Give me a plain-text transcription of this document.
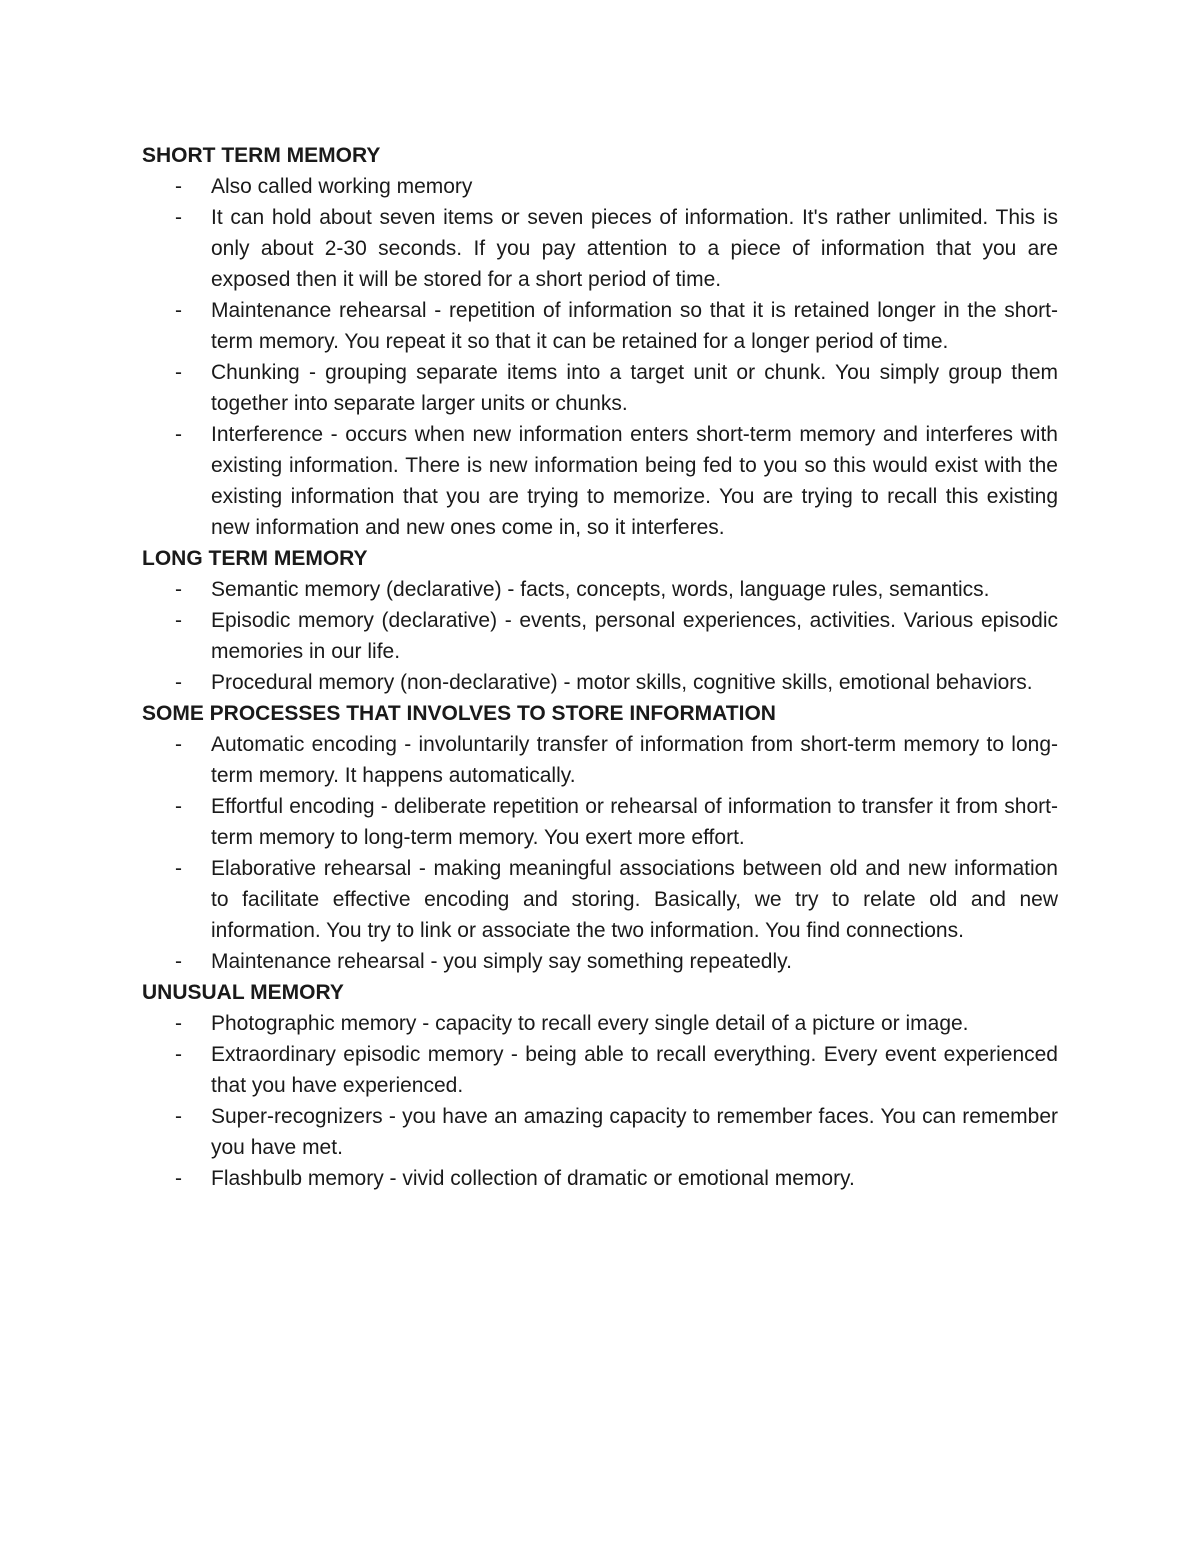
SHORT TERM MEMORY
- Also called working memory
- It can hold about seven items or seven pieces of information. It's rather unlimited. This is only about 2-30 seconds. If you pay attention to a piece of information that you are exposed then it will be stored for a short period of time.
- Maintenance rehearsal - repetition of information so that it is retained longer in the short-term memory. You repeat it so that it can be retained for a longer period of time.
- Chunking - grouping separate items into a target unit or chunk. You simply group them together into separate larger units or chunks.
- Interference - occurs when new information enters short-term memory and interferes with existing information. There is new information being fed to you so this would exist with the existing information that you are trying to memorize. You are trying to recall this existing new information and new ones come in, so it interferes.
LONG TERM MEMORY
- Semantic memory (declarative) - facts, concepts, words, language rules, semantics.
- Episodic memory (declarative) - events, personal experiences, activities. Various episodic memories in our life.
- Procedural memory (non-declarative) - motor skills, cognitive skills, emotional behaviors.
SOME PROCESSES THAT INVOLVES TO STORE INFORMATION
- Automatic encoding - involuntarily transfer of information from short-term memory to long-term memory. It happens automatically.
- Effortful encoding - deliberate repetition or rehearsal of information to transfer it from short-term memory to long-term memory. You exert more effort.
- Elaborative rehearsal - making meaningful associations between old and new information to facilitate effective encoding and storing. Basically, we try to relate old and new information. You try to link or associate the two information. You find connections.
- Maintenance rehearsal - you simply say something repeatedly.
UNUSUAL MEMORY
- Photographic memory - capacity to recall every single detail of a picture or image.
- Extraordinary episodic memory - being able to recall everything. Every event experienced that you have experienced.
- Super-recognizers - you have an amazing capacity to remember faces. You can remember you have met.
- Flashbulb memory - vivid collection of dramatic or emotional memory.
